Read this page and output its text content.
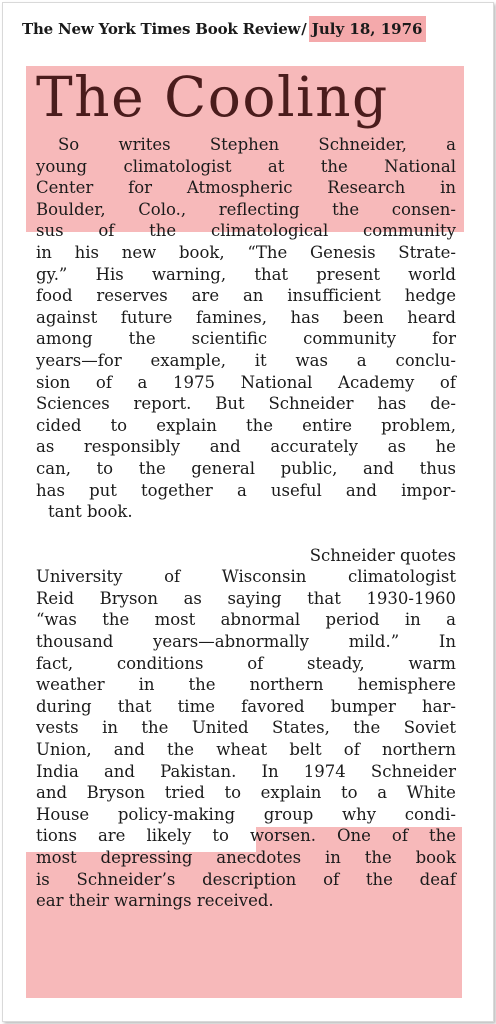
The New York Times Book Review / July 18, 1976
The Cooling
So writes Stephen Schneider, a
young climatologist at the National
Center for Atmospheric Research in
Boulder, Colo., reflecting the consen-
sus of the climatological community
in his new book, “The Genesis Strate-
gy.” His warning, that present world
food reserves are an insufficient hedge
against future famines, has been heard
among the scientific community for
years—for example, it was a conclu-
sion of a 1975 National Academy of
Sciences report. But Schneider has de-
cided to explain the entire problem,
as responsibly and accurately as he
can, to the general public, and thus
has put together a useful and impor-
tant book.
Schneider quotes
University	of	Wisconsin	climatologist
Reid Bryson as saying that 1930-1960
“was the most abnormal period in a
thousand years—abnormally mild.” In
fact,	conditions	of	steady,	warm
weather in the northern hemisphere
during that time favored bumper har-
vests in the United States, the Soviet
Union, and the wheat belt of northern
India and Pakistan. In 1974 Schneider
and Bryson tried to explain to a White
House policy-making group why condi-
tions are likely to worsen. One of the
most depressing anecdotes in the book
is Schneider’s description of the deaf
ear their warnings received.
